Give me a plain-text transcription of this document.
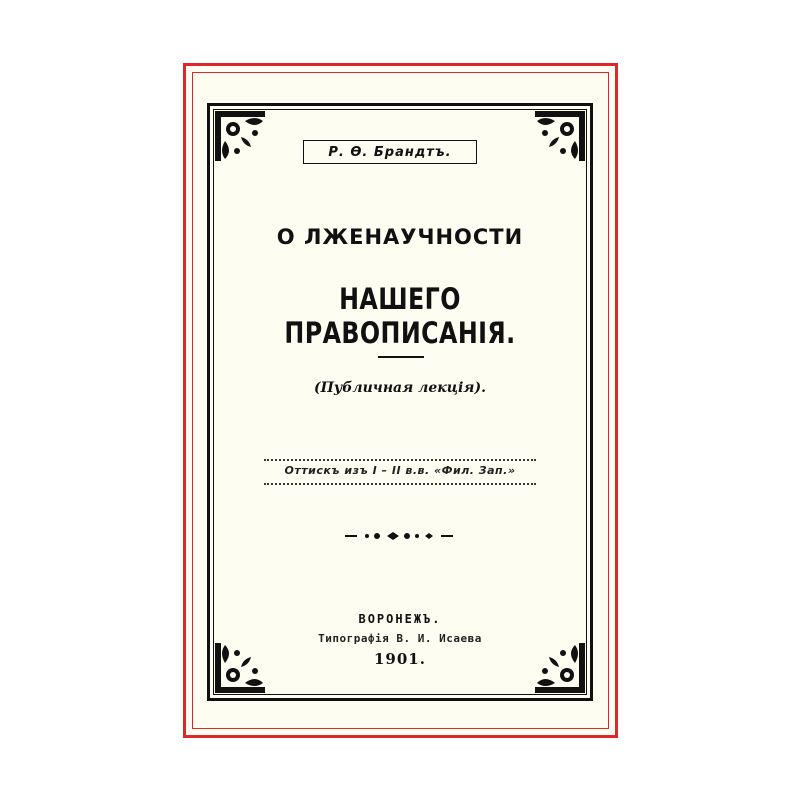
Р. Ө. Брандтъ.
О ЛЖЕНАУЧНОСТИ
НАШЕГО ПРАВОПИСАНІЯ.
(Публичная лекція).
Оттискъ изъ I – II в.в. «Фил. Зап.»
ВОРОНЕЖЪ.
Типографія В. И. Исаева
1901.
